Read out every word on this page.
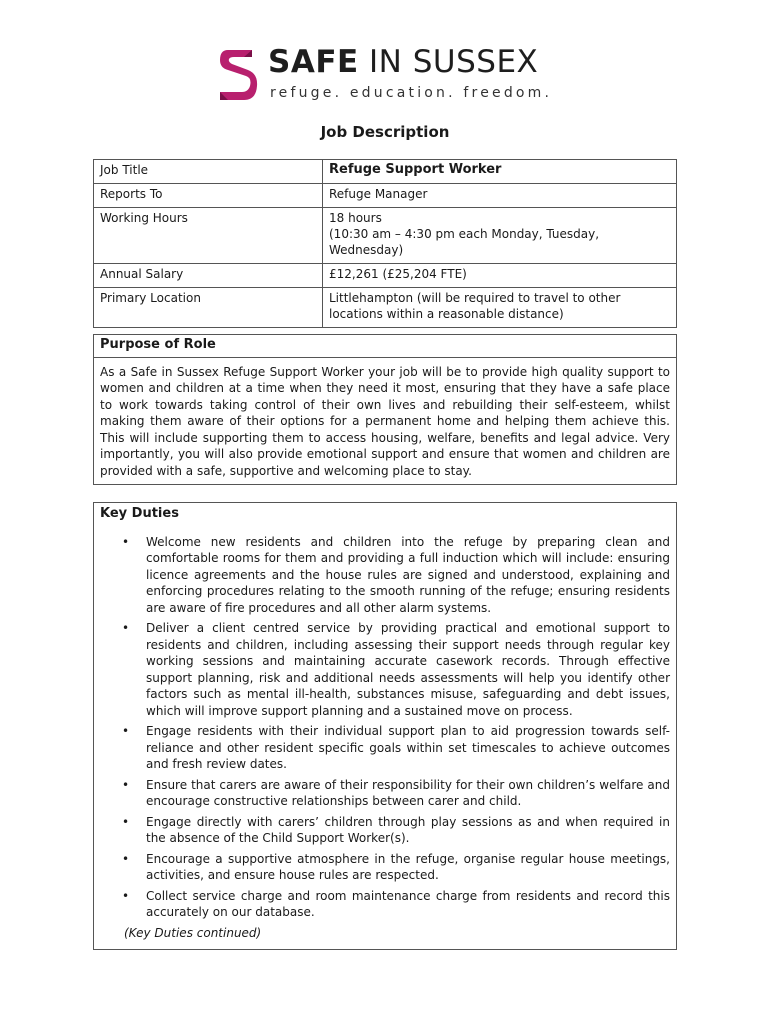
SAFE IN SUSSEX
refuge. education. freedom.
Job Description
Job Title	Refuge Support Worker
Reports To	Refuge Manager
Working Hours	18 hours
(10:30 am – 4:30 pm each Monday, Tuesday, Wednesday)

Annual Salary	£12,261 (£25,204 FTE)
Primary Location	Littlehampton (will be required to travel to other locations within a reasonable distance)
Purpose of Role
As a Safe in Sussex Refuge Support Worker your job will be to provide high quality support to women and children at a time when they need it most, ensuring that they have a safe place to work towards taking control of their own lives and rebuilding their self-esteem, whilst making them aware of their options for a permanent home and helping them achieve this. This will include supporting them to access housing, welfare, benefits and legal advice. Very importantly, you will also provide emotional support and ensure that women and children are provided with a safe, supportive and welcoming place to stay.
Key Duties
• Welcome new residents and children into the refuge by preparing clean and comfortable rooms for them and providing a full induction which will include: ensuring licence agreements and the house rules are signed and understood, explaining and enforcing procedures relating to the smooth running of the refuge; ensuring residents are aware of fire procedures and all other alarm systems.
• Deliver a client centred service by providing practical and emotional support to residents and children, including assessing their support needs through regular key working sessions and maintaining accurate casework records. Through effective support planning, risk and additional needs assessments will help you identify other factors such as mental ill-health, substances misuse, safeguarding and debt issues, which will improve support planning and a sustained move on process.
• Engage residents with their individual support plan to aid progression towards self-reliance and other resident specific goals within set timescales to achieve outcomes and fresh review dates.
• Ensure that carers are aware of their responsibility for their own children’s welfare and encourage constructive relationships between carer and child.
• Engage directly with carers’ children through play sessions as and when required in the absence of the Child Support Worker(s).
• Encourage a supportive atmosphere in the refuge, organise regular house meetings, activities, and ensure house rules are respected.
• Collect service charge and room maintenance charge from residents and record this accurately on our database.
(Key Duties continued)
